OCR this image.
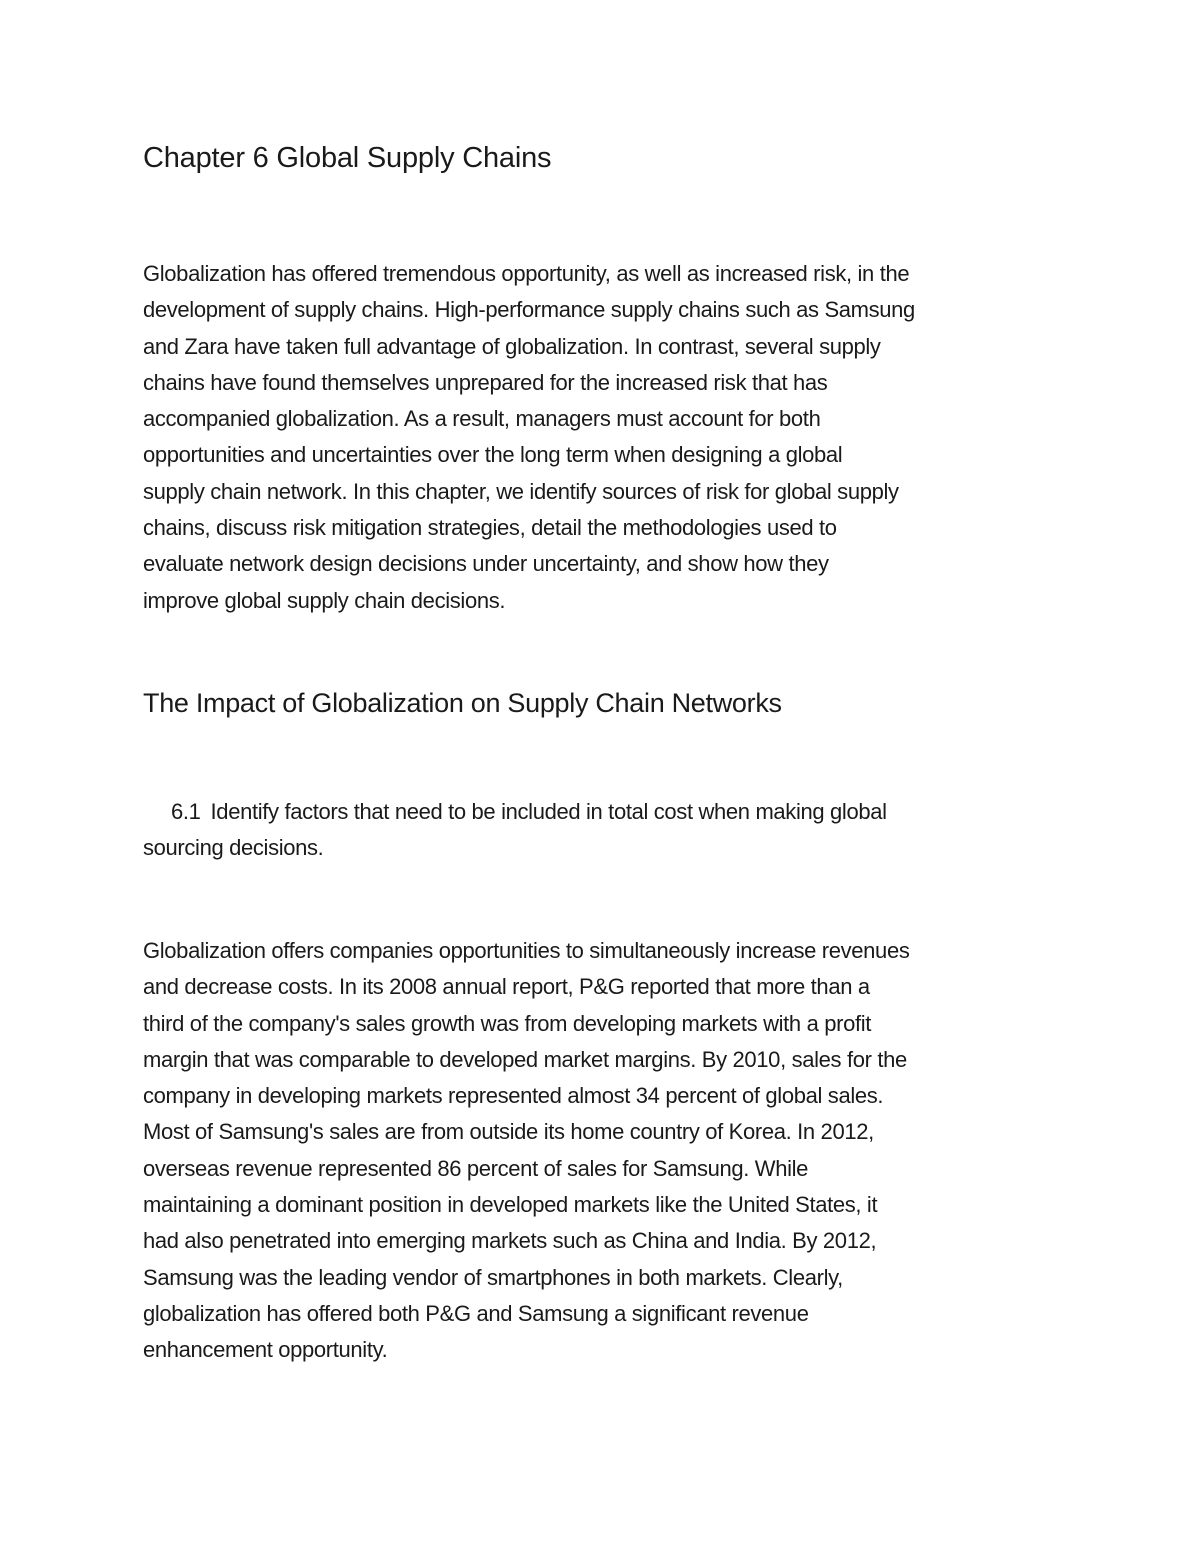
Chapter 6 Global Supply Chains

Globalization has offered tremendous opportunity, as well as increased risk, in the
development of supply chains. High-performance supply chains such as Samsung
and Zara have taken full advantage of globalization. In contrast, several supply
chains have found themselves unprepared for the increased risk that has
accompanied globalization. As a result, managers must account for both
opportunities and uncertainties over the long term when designing a global
supply chain network. In this chapter, we identify sources of risk for global supply
chains, discuss risk mitigation strategies, detail the methodologies used to
evaluate network design decisions under uncertainty, and show how they
improve global supply chain decisions.

The Impact of Globalization on Supply Chain Networks

6.1 Identify factors that need to be included in total cost when making global
sourcing decisions.

Globalization offers companies opportunities to simultaneously increase revenues
and decrease costs. In its 2008 annual report, P&G reported that more than a
third of the company's sales growth was from developing markets with a profit
margin that was comparable to developed market margins. By 2010, sales for the
company in developing markets represented almost 34 percent of global sales.
Most of Samsung's sales are from outside its home country of Korea. In 2012,
overseas revenue represented 86 percent of sales for Samsung. While
maintaining a dominant position in developed markets like the United States, it
had also penetrated into emerging markets such as China and India. By 2012,
Samsung was the leading vendor of smartphones in both markets. Clearly,
globalization has offered both P&G and Samsung a significant revenue
enhancement opportunity.
